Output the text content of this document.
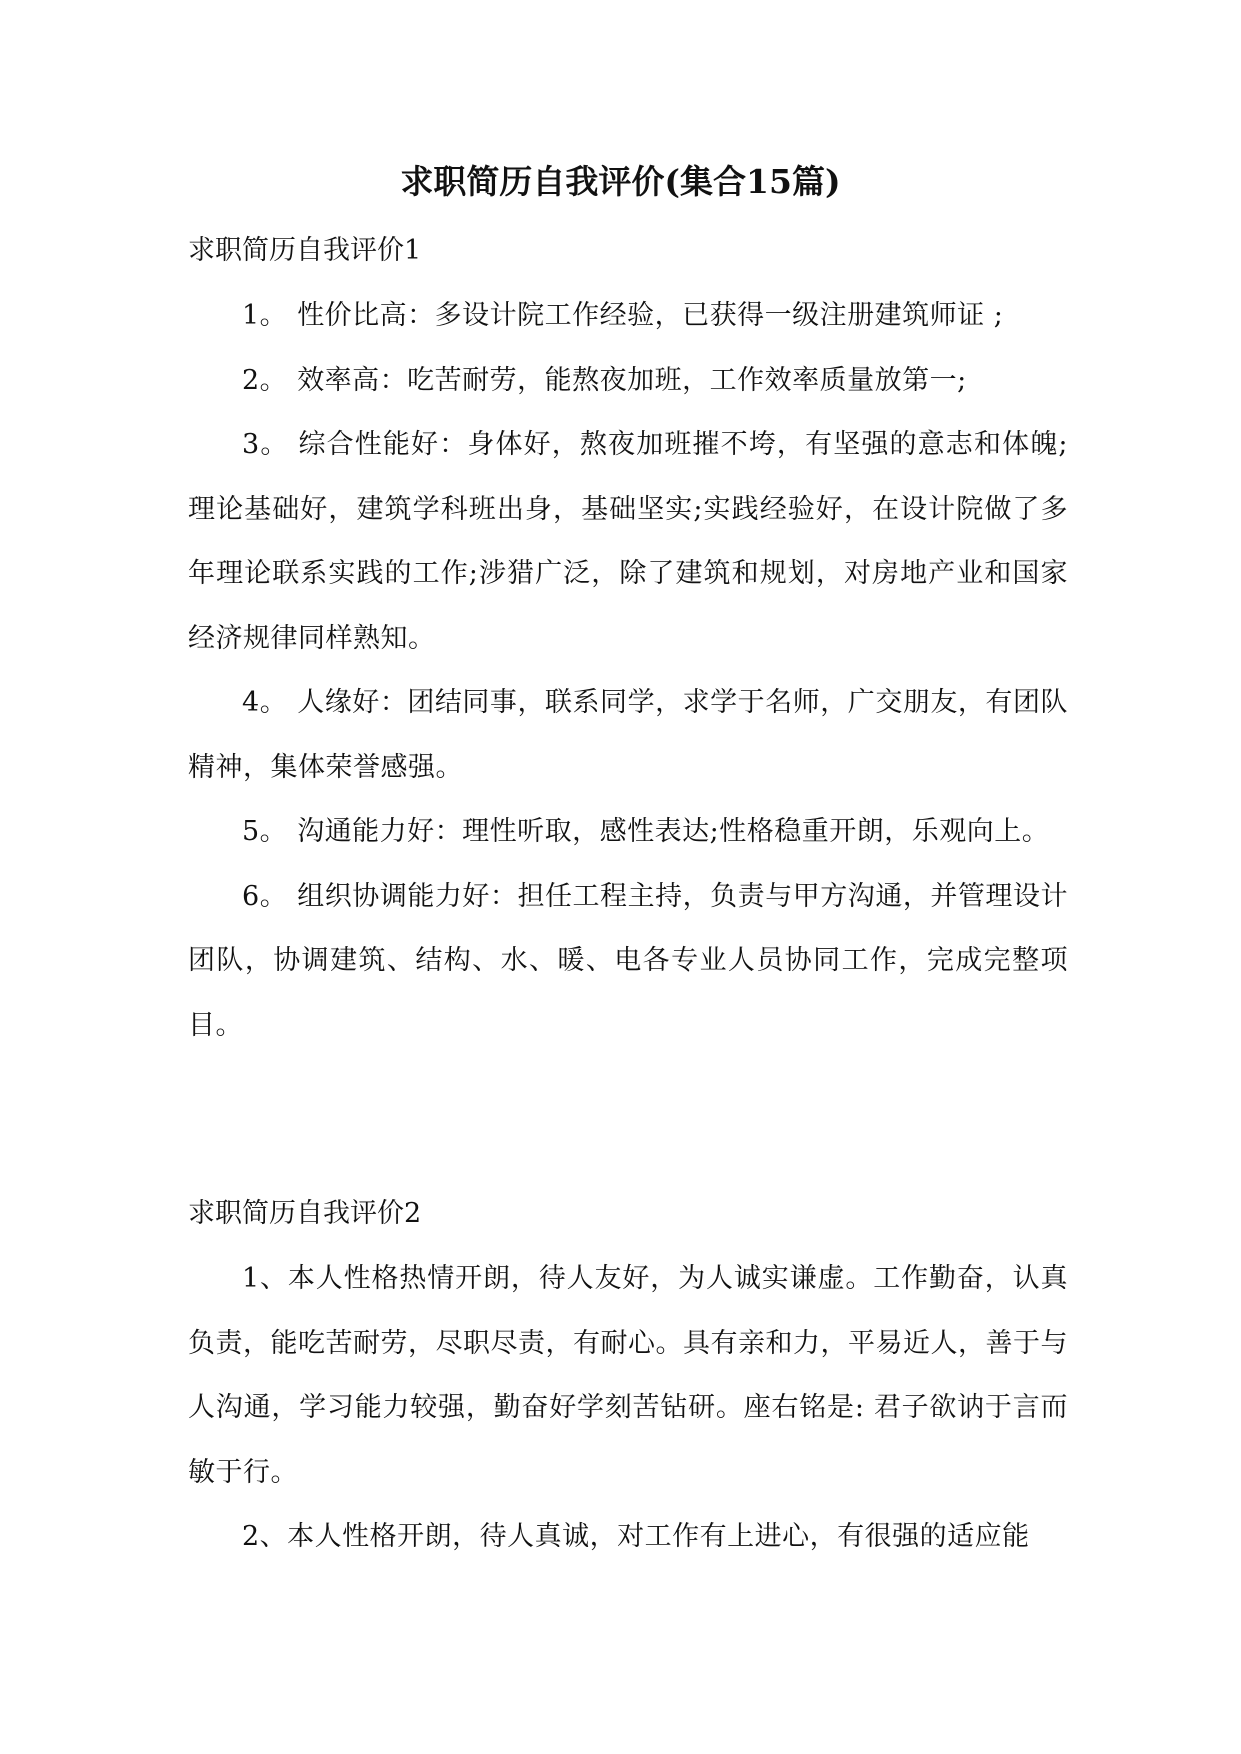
求职简历自我评价(集合15篇)

求职简历自我评价1

1。 性价比高：多设计院工作经验，已获得一级注册建筑师证 ;

2。 效率高：吃苦耐劳，能熬夜加班，工作效率质量放第一;

3。 综合性能好：身体好，熬夜加班摧不垮，有坚强的意志和体魄;理论基础好，建筑学科班出身，基础坚实;实践经验好，在设计院做了多年理论联系实践的工作;涉猎广泛，除了建筑和规划，对房地产业和国家经济规律同样熟知。

4。 人缘好：团结同事，联系同学，求学于名师，广交朋友，有团队精神，集体荣誉感强。

5。 沟通能力好：理性听取，感性表达;性格稳重开朗，乐观向上。

6。 组织协调能力好：担任工程主持，负责与甲方沟通，并管理设计团队，协调建筑、结构、水、暖、电各专业人员协同工作，完成完整项目。

求职简历自我评价2

1、本人性格热情开朗，待人友好，为人诚实谦虚。工作勤奋，认真负责，能吃苦耐劳，尽职尽责，有耐心。具有亲和力，平易近人，善于与人沟通，学习能力较强，勤奋好学刻苦钻研。座右铭是: 君子欲讷于言而敏于行。

2、本人性格开朗，待人真诚，对工作有上进心，有很强的适应能
